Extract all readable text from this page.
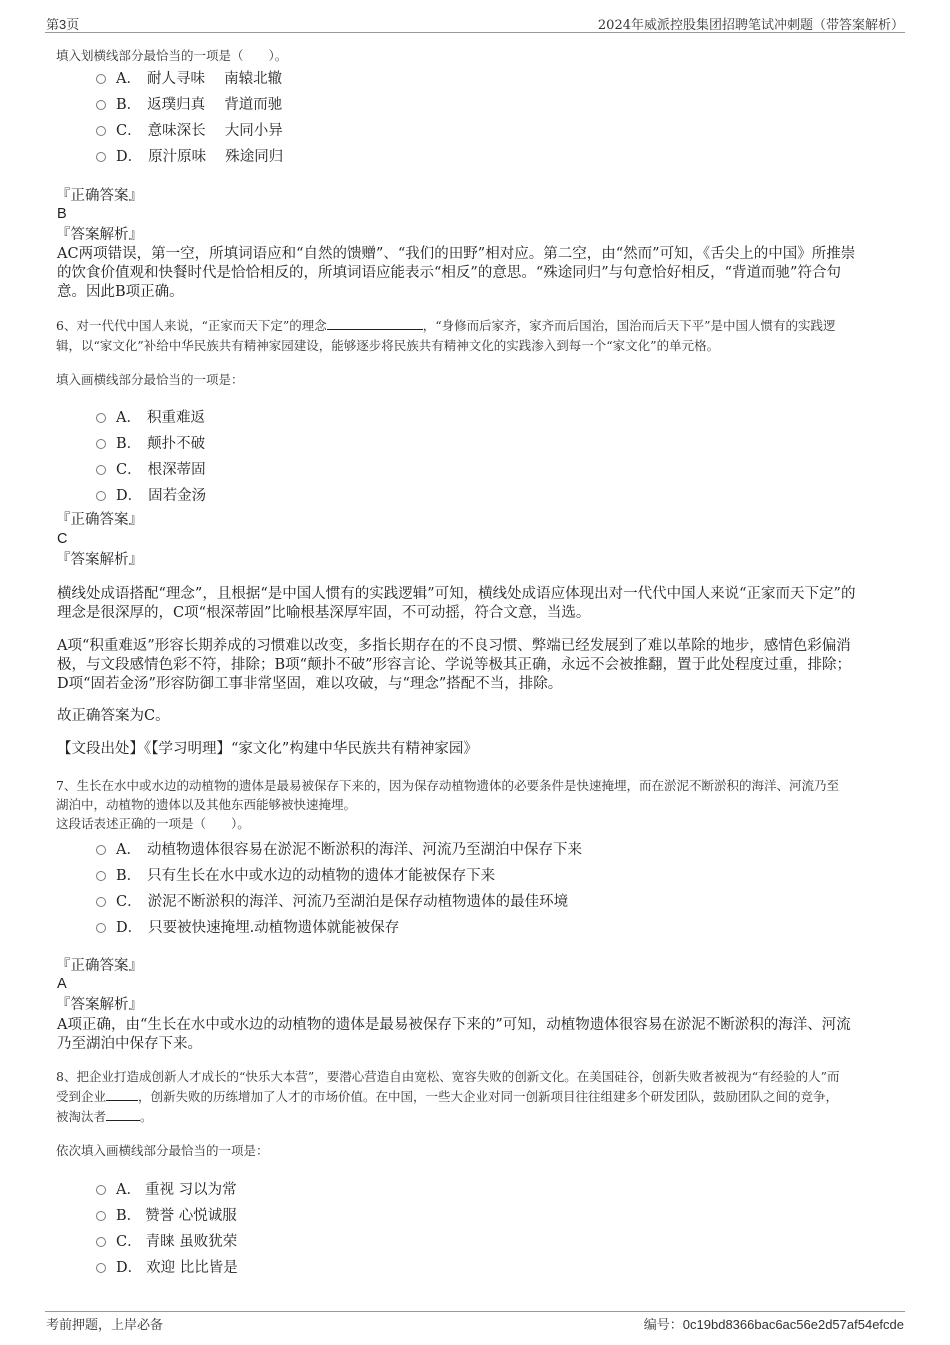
第3页	2024年威派控股集团招聘笔试冲刺题（带答案解析）
填入划横线部分最恰当的一项是（　　）。
A． 耐人寻味　 南辕北辙
B． 返璞归真　 背道而驰
C． 意味深长　 大同小异
D． 原汁原味　 殊途同归
『正确答案』
B
『答案解析』
AC两项错误，第一空，所填词语应和“自然的馈赠”、“我们的田野”相对应。第二空，由“然而”可知，《舌尖上的中国》所推崇
的饮食价值观和快餐时代是恰恰相反的，所填词语应能表示“相反”的意思。“殊途同归”与句意恰好相反，“背道而驰”符合句
意。因此B项正确。
6、对一代代中国人来说，“正家而天下定”的理念	，“身修而后家齐，家齐而后国治，国治而后天下平”是中国人惯有的实践逻
辑，以“家文化”补给中华民族共有精神家园建设，能够逐步将民族共有精神文化的实践渗入到每一个“家文化”的单元格。
填入画横线部分最恰当的一项是：
A． 积重难返
B． 颠扑不破
C． 根深蒂固
D． 固若金汤
『正确答案』
C
『答案解析』
横线处成语搭配“理念”，且根据“是中国人惯有的实践逻辑”可知，横线处成语应体现出对一代代中国人来说“正家而天下定”的
理念是很深厚的，C项“根深蒂固”比喻根基深厚牢固，不可动摇，符合文意，当选。
A项“积重难返”形容长期养成的习惯难以改变，多指长期存在的不良习惯、弊端已经发展到了难以革除的地步，感情色彩偏消
极，与文段感情色彩不符，排除；B项“颠扑不破”形容言论、学说等极其正确，永远不会被推翻，置于此处程度过重，排除；
D项“固若金汤”形容防御工事非常坚固，难以攻破，与“理念”搭配不当，排除。
故正确答案为C。
【文段出处】《【学习明理】“家文化”构建中华民族共有精神家园》
7、生长在水中或水边的动植物的遗体是最易被保存下来的，因为保存动植物遗体的必要条件是快速掩埋，而在淤泥不断淤积的海洋、河流乃至
湖泊中，动植物的遗体以及其他东西能够被快速掩埋。
这段话表述正确的一项是（　　）。
A． 动植物遗体很容易在淤泥不断淤积的海洋、河流乃至湖泊中保存下来
B． 只有生长在水中或水边的动植物的遗体才能被保存下来
C． 淤泥不断淤积的海洋、河流乃至湖泊是保存动植物遗体的最佳环境
D． 只要被快速掩埋.动植物遗体就能被保存
『正确答案』
A
『答案解析』
A项正确，由“生长在水中或水边的动植物的遗体是最易被保存下来的”可知，动植物遗体很容易在淤泥不断淤积的海洋、河流
乃至湖泊中保存下来。
8、把企业打造成创新人才成长的“快乐大本营”，要潜心营造自由宽松、宽容失败的创新文化。在美国硅谷，创新失败者被视为“有经验的人”而
受到企业	，创新失败的历练增加了人才的市场价值。在中国，一些大企业对同一创新项目往往组建多个研发团队，鼓励团队之间的竞争，
被淘汰者	。
依次填入画横线部分最恰当的一项是：
A． 重视 习以为常
B． 赞誉 心悦诚服
C． 青睐 虽败犹荣
D． 欢迎 比比皆是
考前押题，上岸必备	编号：0c19bd8366bac6ac56e2d57af54efcde
